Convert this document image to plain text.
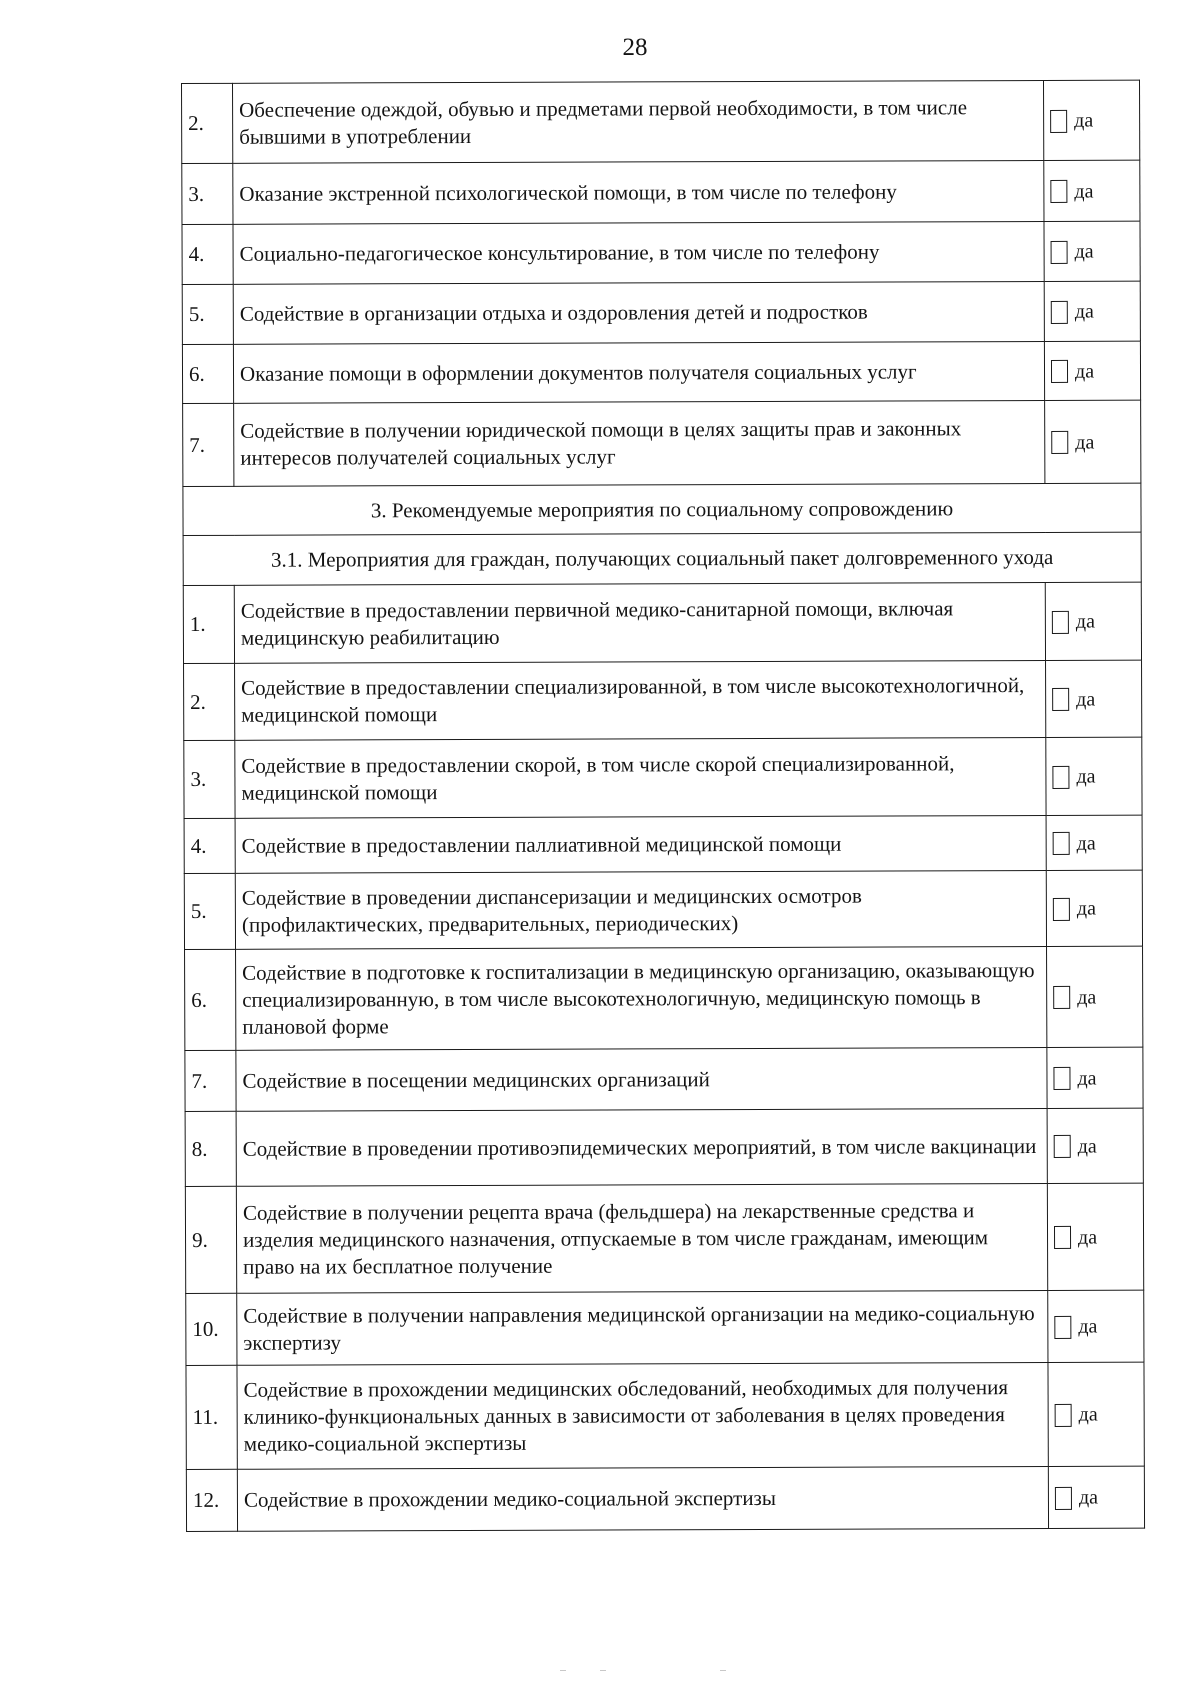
28
2.	Обеспечение одеждой, обувью и предметами первой необходимости, в том числе бывшими в употреблении	да
3.	Оказание экстренной психологической помощи, в том числе по телефону	да
4.	Социально-педагогическое консультирование, в том числе по телефону	да
5.	Содействие в организации отдыха и оздоровления детей и подростков	да
6.	Оказание помощи в оформлении документов получателя социальных услуг	да
7.	Содействие в получении юридической помощи в целях защиты прав и законных интересов получателей социальных услуг	да
3. Рекомендуемые мероприятия по социальному сопровождению		
3.1. Мероприятия для граждан, получающих социальный пакет долговременного ухода		
1.	Содействие в предоставлении первичной медико-санитарной помощи, включая медицинскую реабилитацию	да
2.	Содействие в предоставлении специализированной, в том числе высокотехнологичной, медицинской помощи	да
3.	Содействие в предоставлении скорой, в том числе скорой специализированной, медицинской помощи	да
4.	Содействие в предоставлении паллиативной медицинской помощи	да
5.	Содействие в проведении диспансеризации и медицинских осмотров (профилактических, предварительных, периодических)	да
6.	Содействие в подготовке к госпитализации в медицинскую организацию, оказывающую специализированную, в том числе высокотехнологичную, медицинскую помощь в плановой форме	да
7.	Содействие в посещении медицинских организаций	да
8.	Содействие в проведении противоэпидемических мероприятий, в том числе вакцинации	да
9.	Содействие в получении рецепта врача (фельдшера) на лекарственные средства и изделия медицинского назначения, отпускаемые в том числе гражданам, имеющим право на их бесплатное получение	да
10.	Содействие в получении направления медицинской организации на медико-социальную экспертизу	да
11.	Содействие в прохождении медицинских обследований, необходимых для получения клинико-функциональных данных в зависимости от заболевания в целях проведения медико-социальной экспертизы	да
12.	Содействие в прохождении медико-социальной экспертизы	да
